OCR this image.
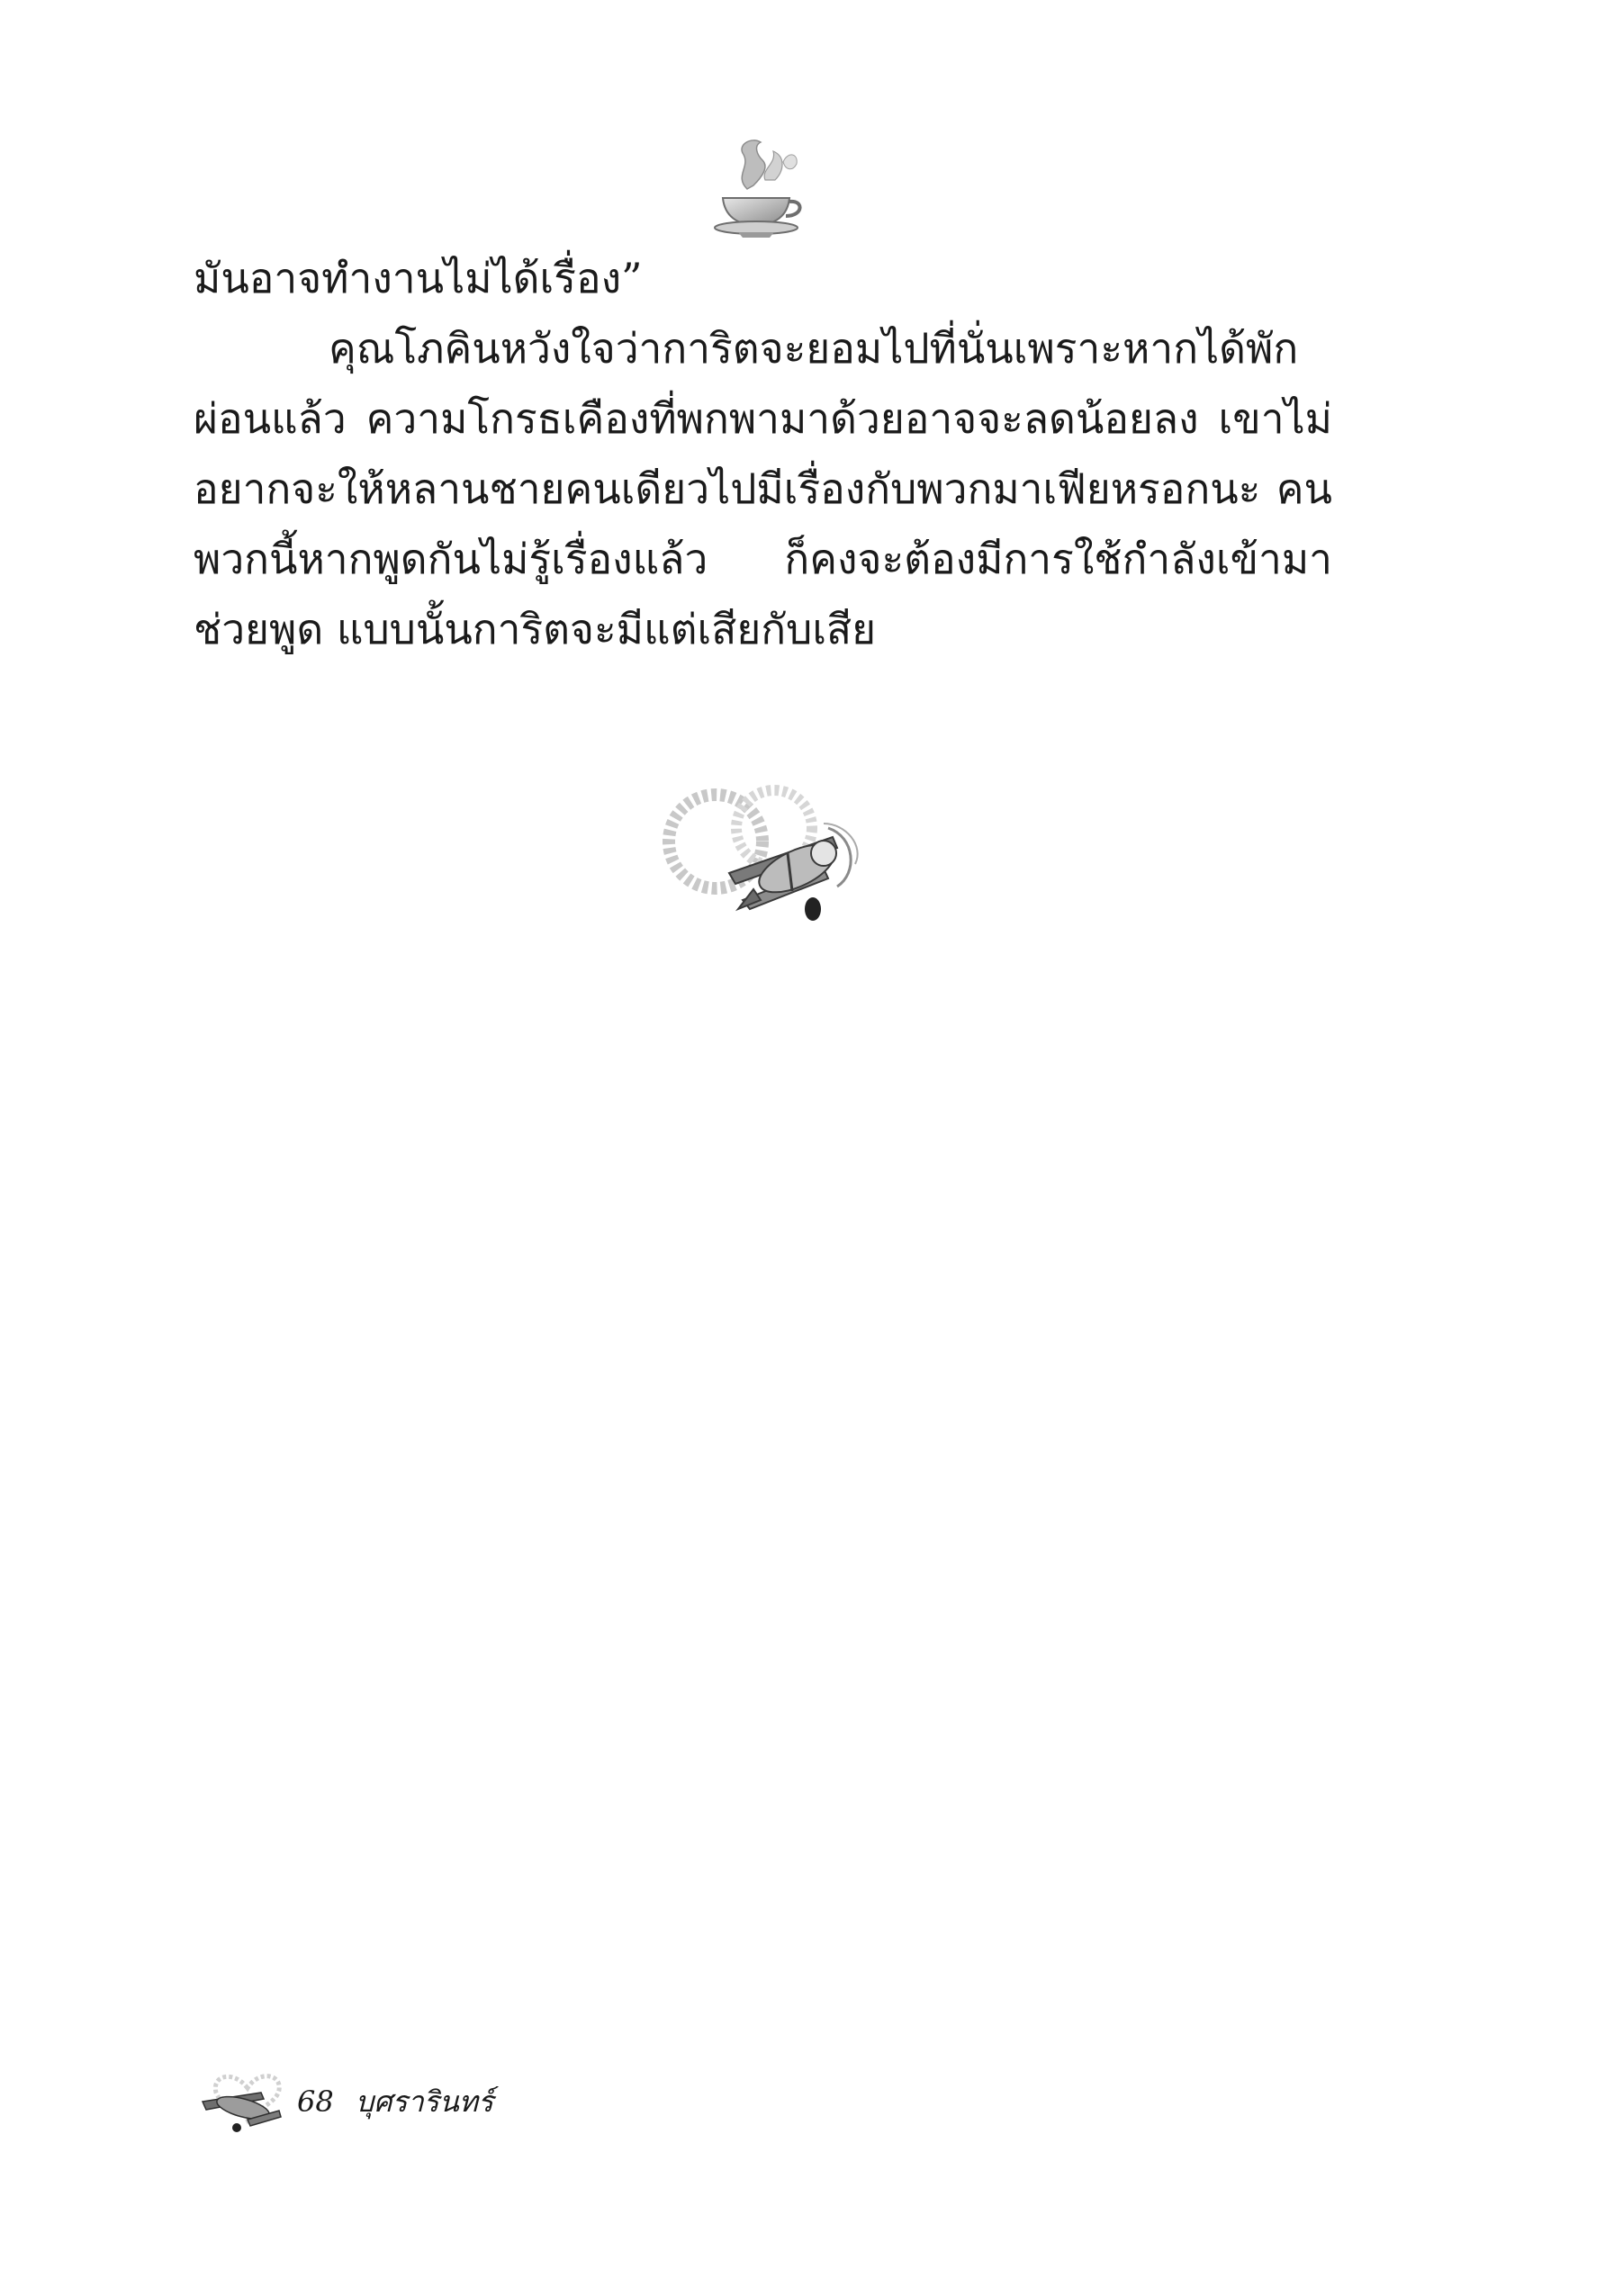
มันอาจทำงานไม่ได้เรื่อง”

คุณโภคินหวังใจว่าการิตจะยอมไปที่นั่นเพราะหากได้พักผ่อนแล้ว ความโกรธเคืองที่พกพามาด้วยอาจจะลดน้อยลง เขาไม่อยากจะให้หลานชายคนเดียวไปมีเรื่องกับพวกมาเฟียหรอกนะ คนพวกนี้หากพูดกันไม่รู้เรื่องแล้ว ก็คงจะต้องมีการใช้กำลังเข้ามาช่วยพูด แบบนั้นการิตจะมีแต่เสียกับเสีย

68 บุศรารินทร์
